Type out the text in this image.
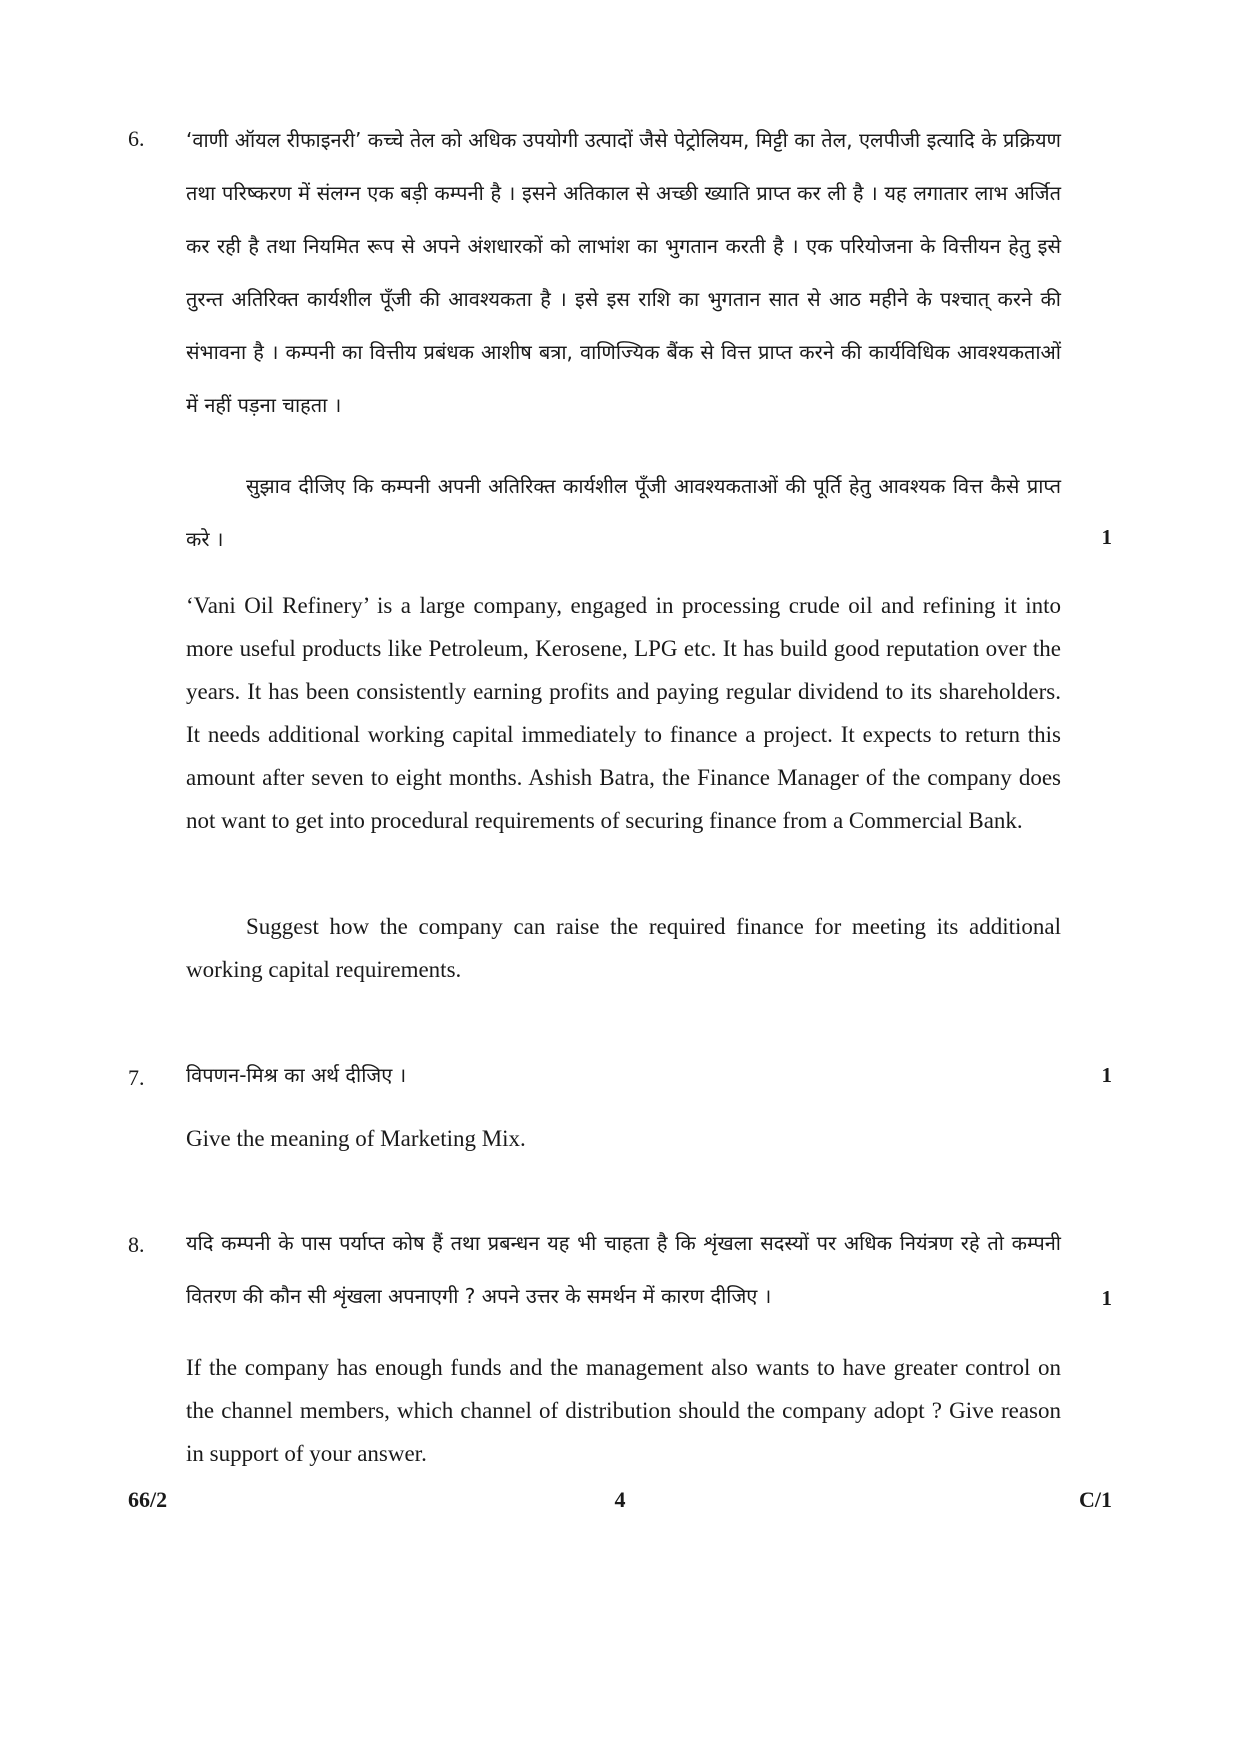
6. ‘वाणी ऑयल रीफाइनरी’ कच्चे तेल को अधिक उपयोगी उत्पादों जैसे पेट्रोलियम, मिट्टी का तेल, एलपीजी इत्यादि के प्रक्रियण तथा परिष्करण में संलग्न एक बड़ी कम्पनी है । इसने अतिकाल से अच्छी ख्याति प्राप्त कर ली है । यह लगातार लाभ अर्जित कर रही है तथा नियमित रूप से अपने अंशधारकों को लाभांश का भुगतान करती है । एक परियोजना के वित्तीयन हेतु इसे तुरन्त अतिरिक्त कार्यशील पूँजी की आवश्यकता है । इसे इस राशि का भुगतान सात से आठ महीने के पश्चात् करने की संभावना है । कम्पनी का वित्तीय प्रबंधक आशीष बत्रा, वाणिज्यिक बैंक से वित्त प्राप्त करने की कार्यविधिक आवश्यकताओं में नहीं पड़ना चाहता ।
सुझाव दीजिए कि कम्पनी अपनी अतिरिक्त कार्यशील पूँजी आवश्यकताओं की पूर्ति हेतु आवश्यक वित्त कैसे प्राप्त करे ।	1
‘Vani Oil Refinery’ is a large company, engaged in processing crude oil and refining it into more useful products like Petroleum, Kerosene, LPG etc. It has build good reputation over the years. It has been consistently earning profits and paying regular dividend to its shareholders. It needs additional working capital immediately to finance a project. It expects to return this amount after seven to eight months. Ashish Batra, the Finance Manager of the company does not want to get into procedural requirements of securing finance from a Commercial Bank.
Suggest how the company can raise the required finance for meeting its additional working capital requirements.
7. विपणन-मिश्र का अर्थ दीजिए ।	1
Give the meaning of Marketing Mix.
8. यदि कम्पनी के पास पर्याप्त कोष हैं तथा प्रबन्धन यह भी चाहता है कि शृंखला सदस्यों पर अधिक नियंत्रण रहे तो कम्पनी वितरण की कौन सी शृंखला अपनाएगी ? अपने उत्तर के समर्थन में कारण दीजिए ।	1
If the company has enough funds and the management also wants to have greater control on the channel members, which channel of distribution should the company adopt ? Give reason in support of your answer.
66/2	4	C/1
